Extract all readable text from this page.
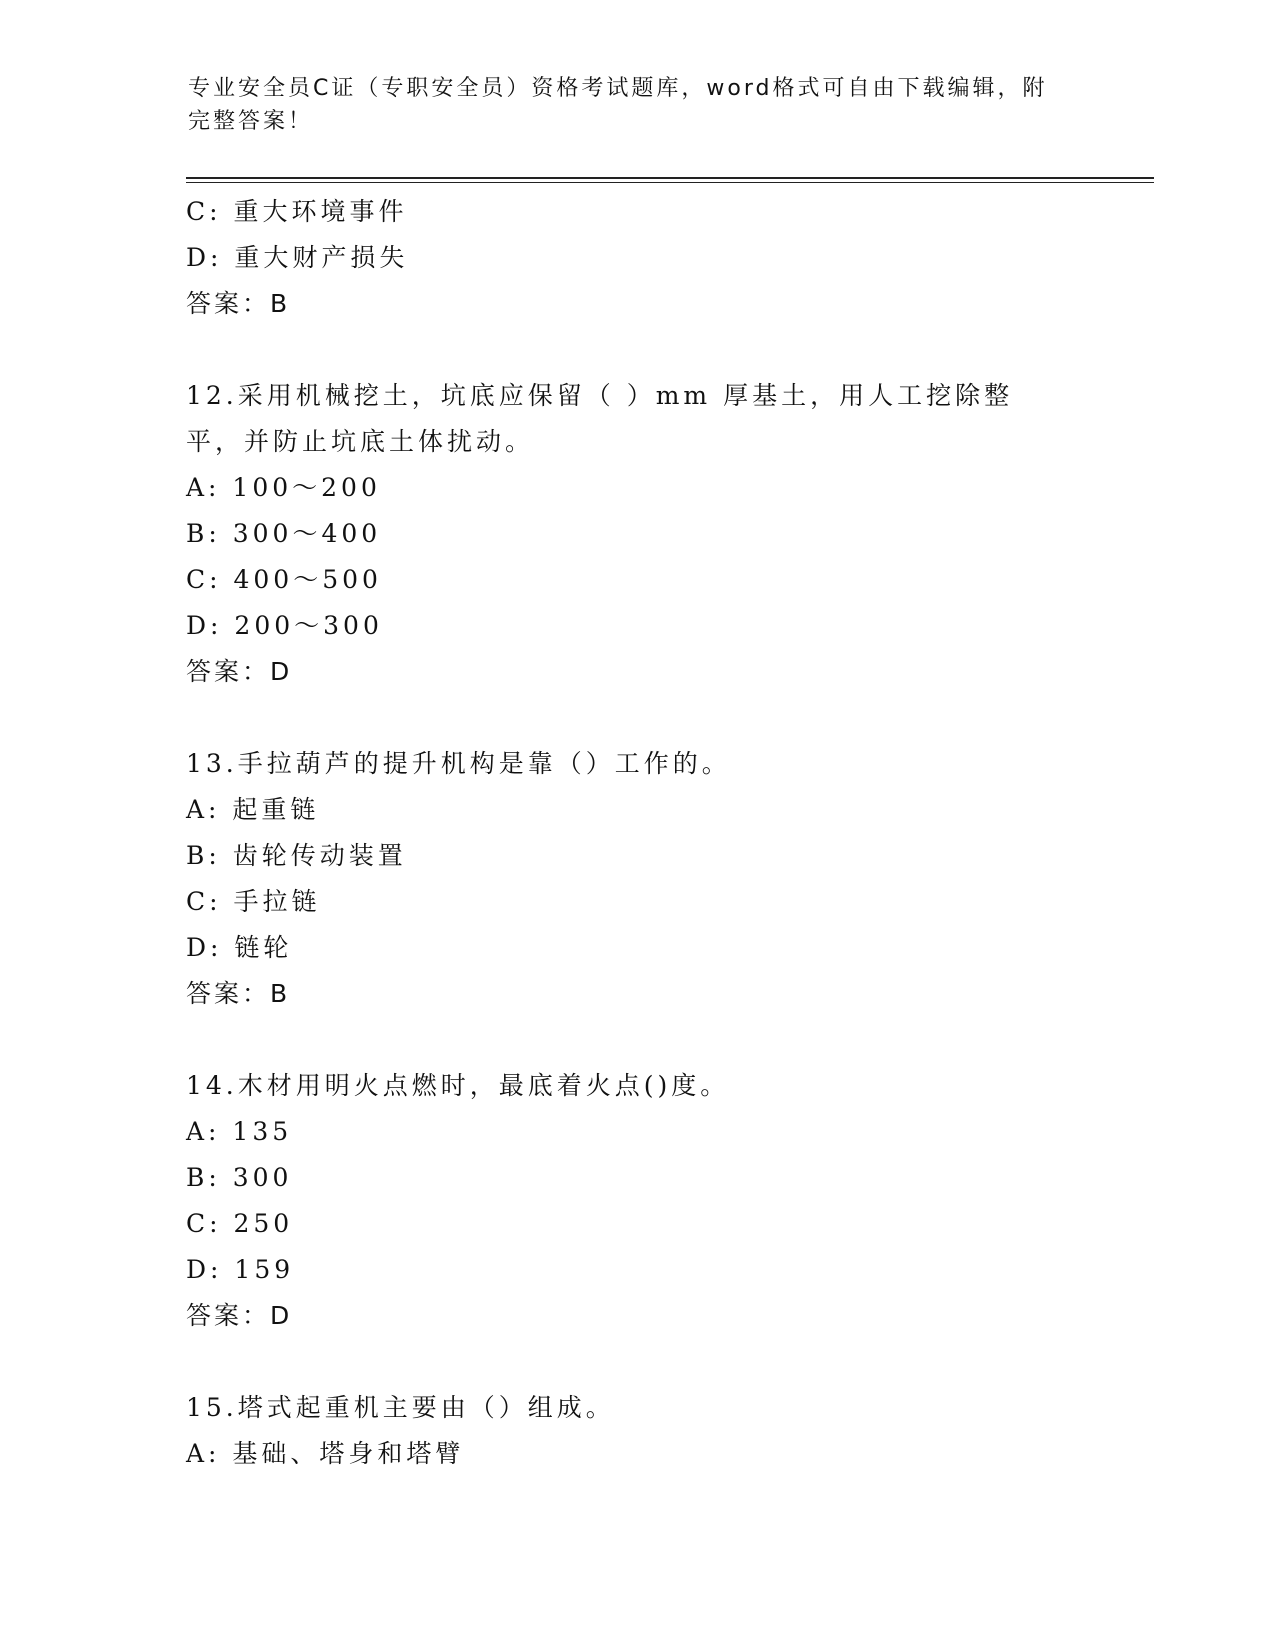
专业安全员C证（专职安全员）资格考试题库，word格式可自由下载编辑，附完整答案！
C: 重大环境事件
D: 重大财产损失
答案：B
12.采用机械挖土，坑底应保留（ ）mm 厚基土，用人工挖除整平，并防止坑底土体扰动。
A: 100～200
B: 300～400
C: 400～500
D: 200～300
答案：D
13.手拉葫芦的提升机构是靠（）工作的。
A: 起重链
B: 齿轮传动装置
C: 手拉链
D: 链轮
答案：B
14.木材用明火点燃时，最底着火点()度。
A: 135
B: 300
C: 250
D: 159
答案：D
15.塔式起重机主要由（）组成。
A: 基础、塔身和塔臂
